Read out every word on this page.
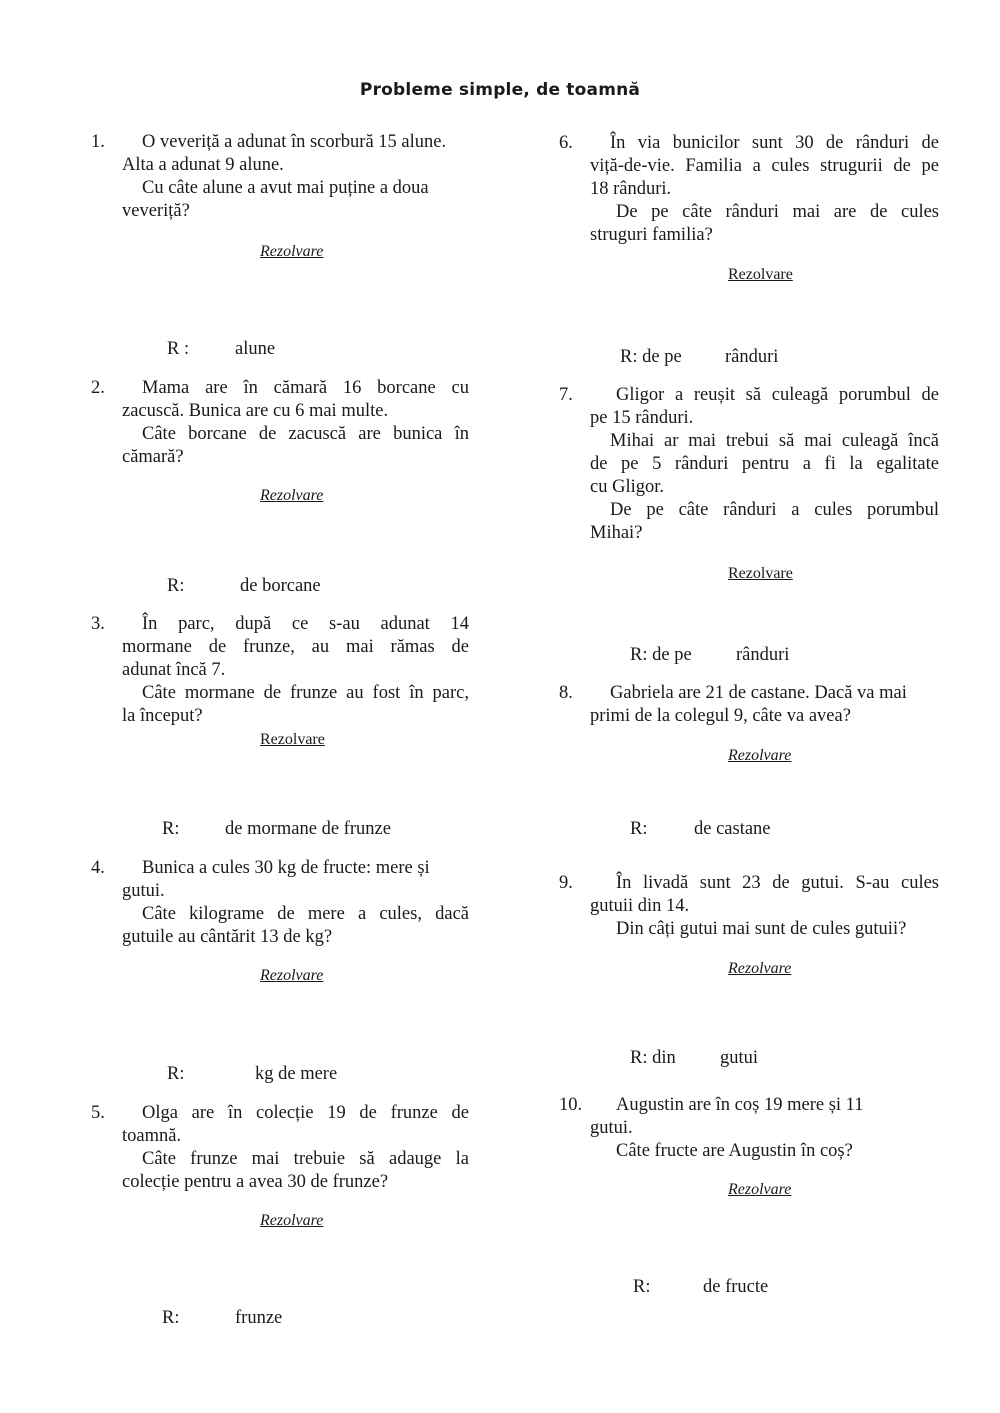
Probleme simple, de toamnă
1.	O veveriță a adunat în scorbură 15 alune.
Alta a adunat 9 alune.
Cu câte alune a avut mai puține a doua
veveriță?
Rezolvare
R : alune
2.	Mama are în cămară 16 borcane cu
zacuscă. Bunica are cu 6 mai multe.
Câte borcane de zacuscă are bunica în
cămară?
Rezolvare
R:	de borcane
3.	În parc, după ce s-au adunat 14
mormane de frunze, au mai rămas de
adunat încă 7.
Câte mormane de frunze au fost în parc,
la început?
Rezolvare
R: de mormane de frunze
4.	Bunica a cules 30 kg de fructe: mere și
gutui.
Câte kilograme de mere a cules, dacă
gutuile au cântărit 13 de kg?
Rezolvare
R:	kg de mere
5.	Olga are în colecție 19 de frunze de
toamnă.
Câte frunze mai trebuie să adauge la
colecție pentru a avea 30 de frunze?
Rezolvare
R:	frunze
6.	În via bunicilor sunt 30 de rânduri de
viță-de-vie. Familia a cules strugurii de pe
18 rânduri.
De pe câte rânduri mai are de cules
struguri familia?
Rezolvare
R: de pe rânduri
7.	Gligor a reușit să culeagă porumbul de
pe 15 rânduri.
Mihai ar mai trebui să mai culeagă încă
de pe 5 rânduri pentru a fi la egalitate
cu Gligor.
De pe câte rânduri a cules porumbul
Mihai?
Rezolvare
R: de pe rânduri
8.	Gabriela are 21 de castane. Dacă va mai
primi de la colegul 9, câte va avea?
Rezolvare
R:	de castane
9.	În livadă sunt 23 de gutui. S-au cules
gutuii din 14.
Din câți gutui mai sunt de cules gutuii?
Rezolvare
R: din gutui
10.	Augustin are în coș 19 mere și 11
gutui.
Câte fructe are Augustin în coș?
Rezolvare
R:	de fructe
